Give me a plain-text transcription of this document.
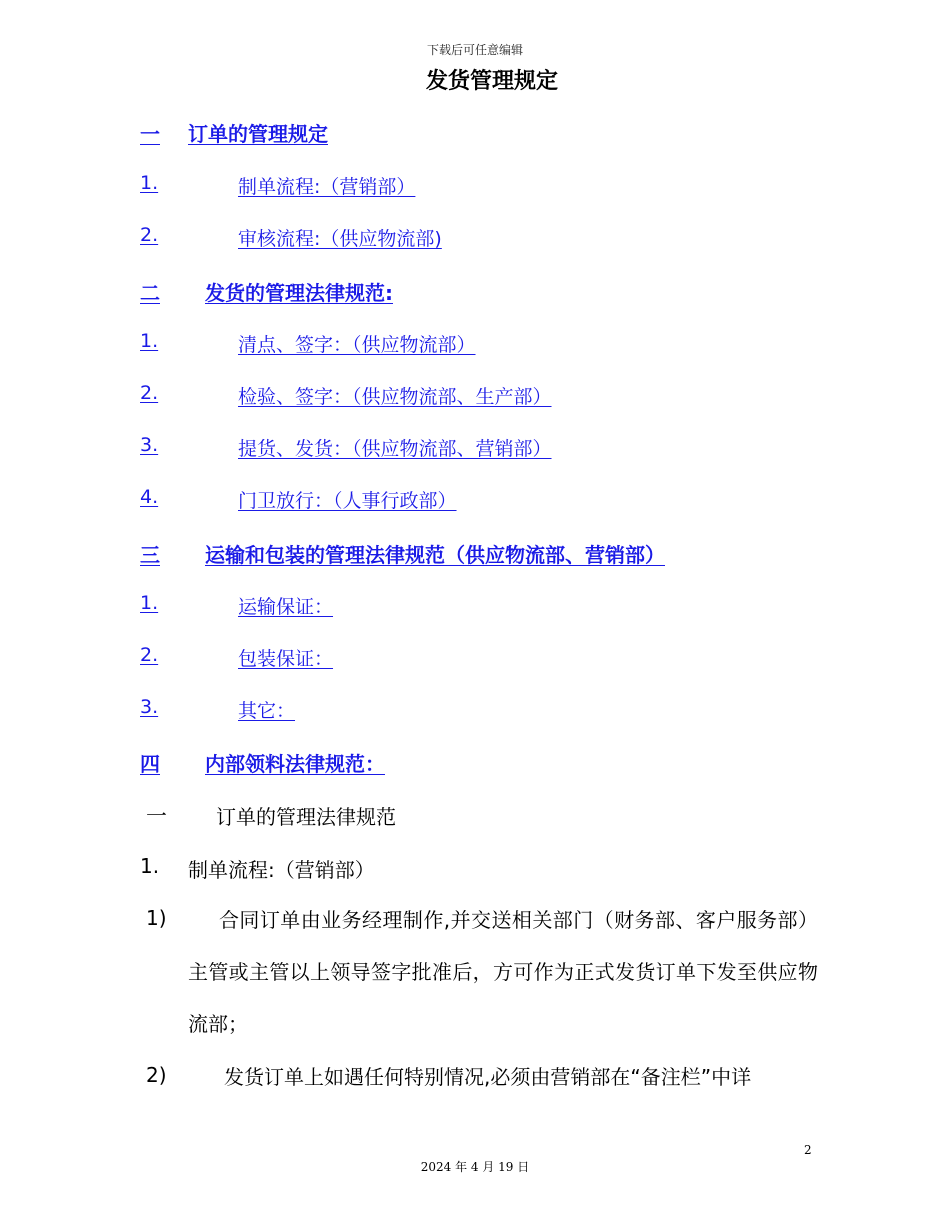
下载后可任意编辑
发货管理规定
一 订单的管理规定
1.	制单流程:（营销部）
2.	审核流程:（供应物流部)
二 发货的管理法律规范:
1.	清点、签字：（供应物流部）
2.	检验、签字：（供应物流部、生产部）
3.	提货、发货：（供应物流部、营销部）
4.	门卫放行：（人事行政部）
三 运输和包装的管理法律规范（供应物流部、营销部）
1.	运输保证：
2.	包装保证：
3.	其它：
四 内部领料法律规范：
一 订单的管理法律规范
1. 制单流程:（营销部）
1)	合同订单由业务经理制作,并交送相关部门（财务部、客户服务部）主管或主管以上领导签字批准后，方可作为正式发货订单下发至供应物流部；
2)	发货订单上如遇任何特别情况,必须由营销部在“备注栏”中详
2
2024 年 4 月 19 日
